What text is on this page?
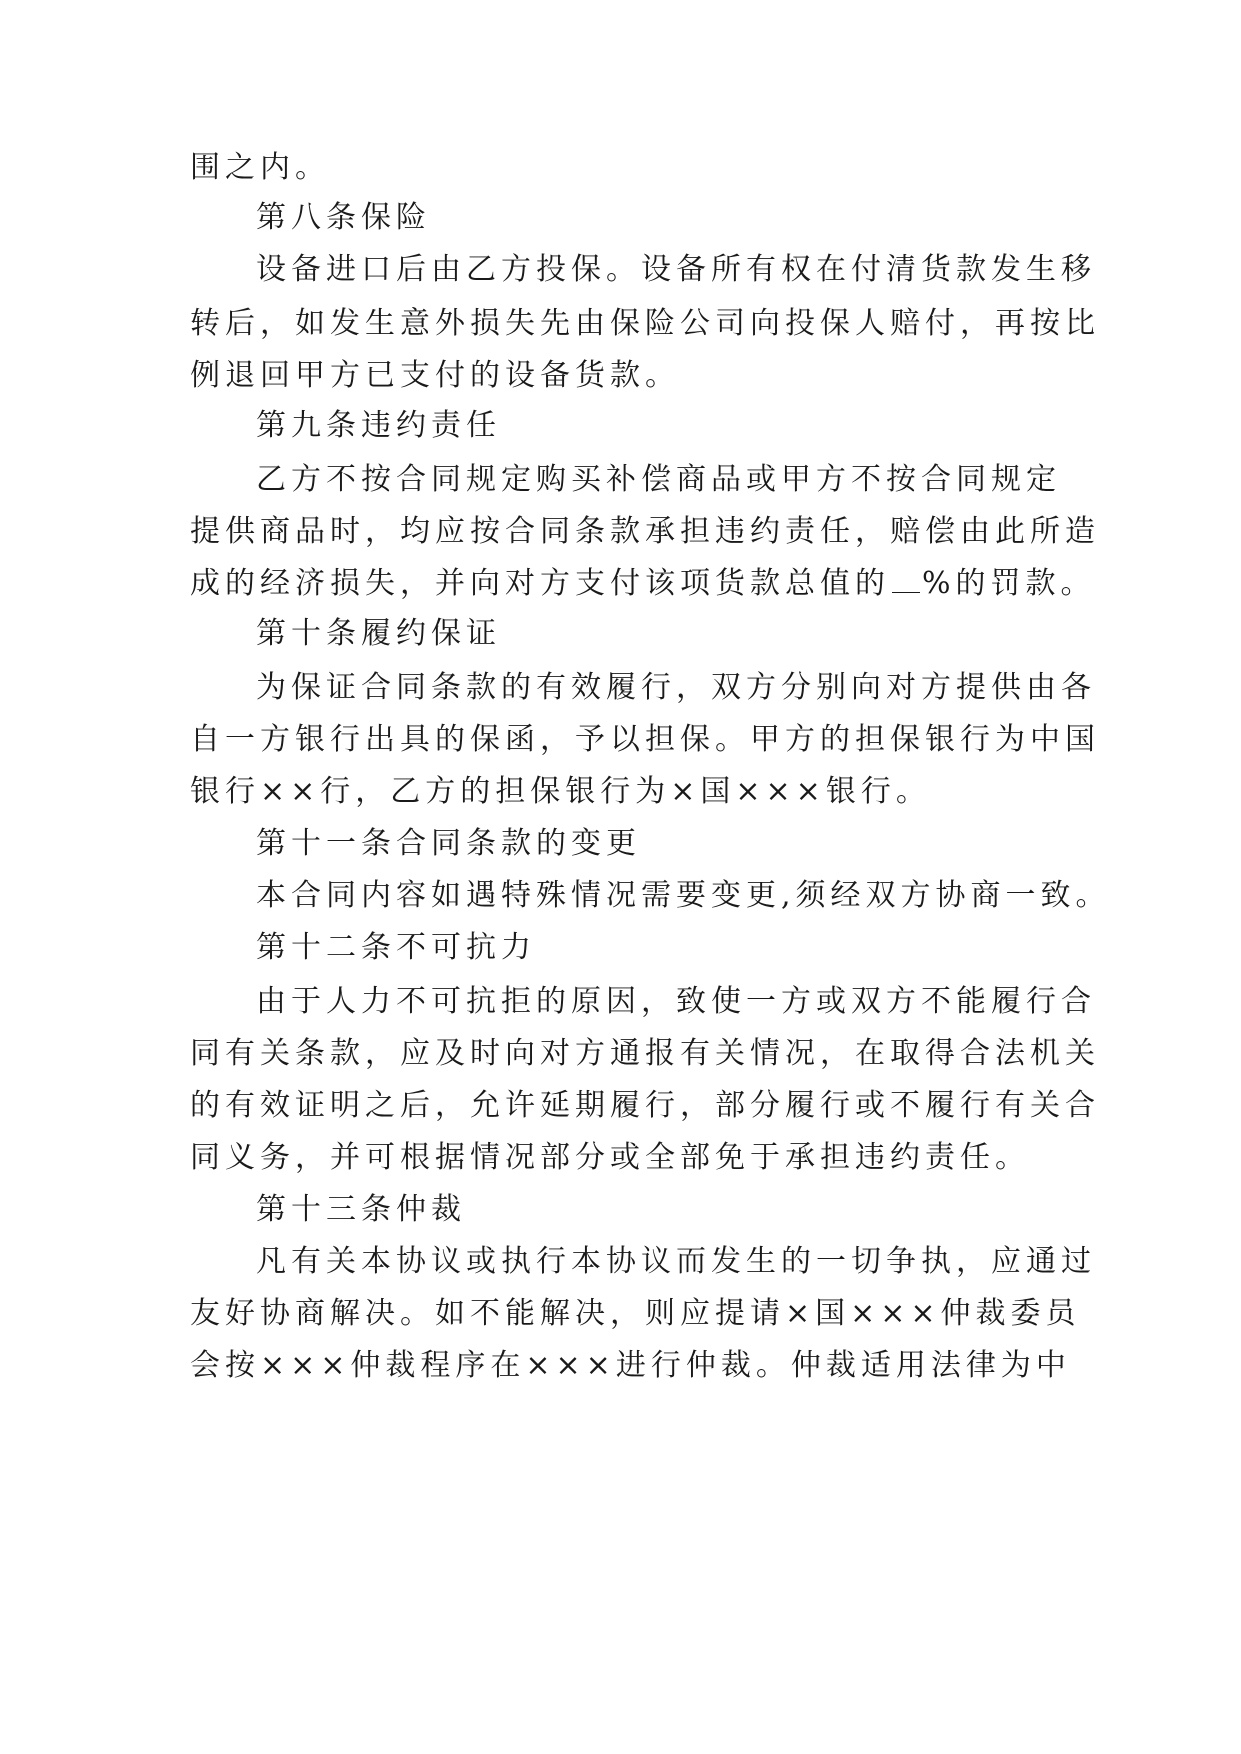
围之内。
第八条保险
设备进口后由乙方投保。设备所有权在付清货款发生移
转后，如发生意外损失先由保险公司向投保人赔付，再按比
例退回甲方已支付的设备货款。
第九条违约责任
乙方不按合同规定购买补偿商品或甲方不按合同规定
提供商品时，均应按合同条款承担违约责任，赔偿由此所造
成的经济损失，并向对方支付该项货款总值的 %的罚款。
第十条履约保证
为保证合同条款的有效履行，双方分别向对方提供由各
自一方银行出具的保函，予以担保。甲方的担保银行为中国
银行××行，乙方的担保银行为×国×××银行。
第十一条合同条款的变更
本合同内容如遇特殊情况需要变更,须经双方协商一致。
第十二条不可抗力
由于人力不可抗拒的原因，致使一方或双方不能履行合
同有关条款，应及时向对方通报有关情况，在取得合法机关
的有效证明之后，允许延期履行，部分履行或不履行有关合
同义务，并可根据情况部分或全部免于承担违约责任。
第十三条仲裁
凡有关本协议或执行本协议而发生的一切争执，应通过
友好协商解决。如不能解决，则应提请×国×××仲裁委员
会按×××仲裁程序在×××进行仲裁。仲裁适用法律为中
